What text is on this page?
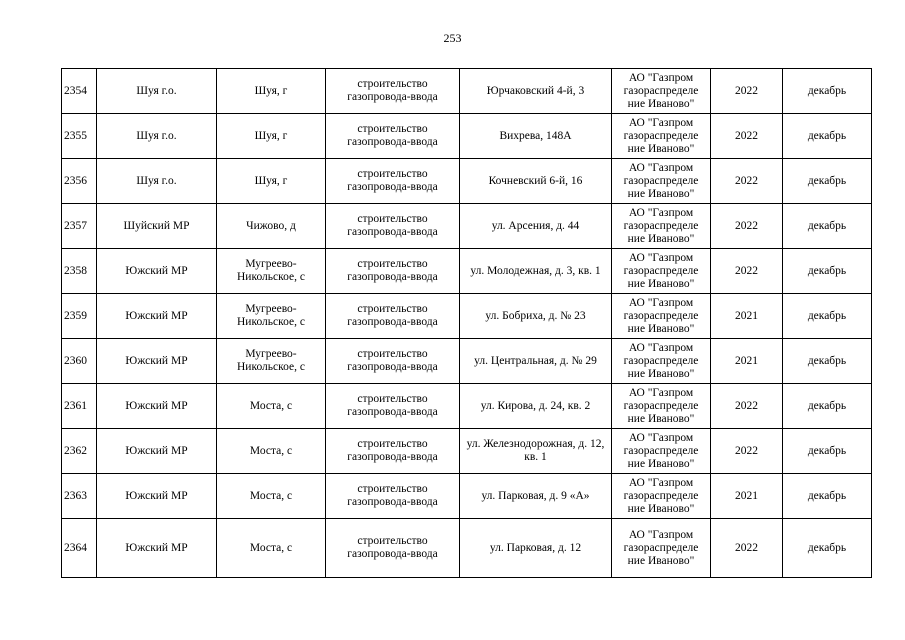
253
2354	Шуя г.о.	Шуя, г	строительство газопровода-ввода	Юрчаковский 4-й, 3	АО "Газпром газораспределе ние Иваново"	2022	декабрь
2355	Шуя г.о.	Шуя, г	строительство газопровода-ввода	Вихрева, 148А	АО "Газпром газораспределе ние Иваново"	2022	декабрь
2356	Шуя г.о.	Шуя, г	строительство газопровода-ввода	Кочневский 6-й, 16	АО "Газпром газораспределе ние Иваново"	2022	декабрь
2357	Шуйский МР	Чижово, д	строительство газопровода-ввода	ул. Арсения, д. 44	АО "Газпром газораспределе ние Иваново"	2022	декабрь
2358	Южский МР	Мугреево-Никольское, с	строительство газопровода-ввода	ул. Молодежная, д. 3, кв. 1	АО "Газпром газораспределе ние Иваново"	2022	декабрь
2359	Южский МР	Мугреево-Никольское, с	строительство газопровода-ввода	ул. Бобриха, д. № 23	АО "Газпром газораспределе ние Иваново"	2021	декабрь
2360	Южский МР	Мугреево-Никольское, с	строительство газопровода-ввода	ул. Центральная, д. № 29	АО "Газпром газораспределе ние Иваново"	2021	декабрь
2361	Южский МР	Моста, с	строительство газопровода-ввода	ул. Кирова, д. 24, кв. 2	АО "Газпром газораспределе ние Иваново"	2022	декабрь
2362	Южский МР	Моста, с	строительство газопровода-ввода	ул. Железнодорожная, д. 12, кв. 1	АО "Газпром газораспределе ние Иваново"	2022	декабрь
2363	Южский МР	Моста, с	строительство газопровода-ввода	ул. Парковая, д. 9 «А»	АО "Газпром газораспределе ние Иваново"	2021	декабрь
2364	Южский МР	Моста, с	строительство газопровода-ввода	ул. Парковая, д. 12	АО "Газпром газораспределе ние Иваново"	2022	декабрь
